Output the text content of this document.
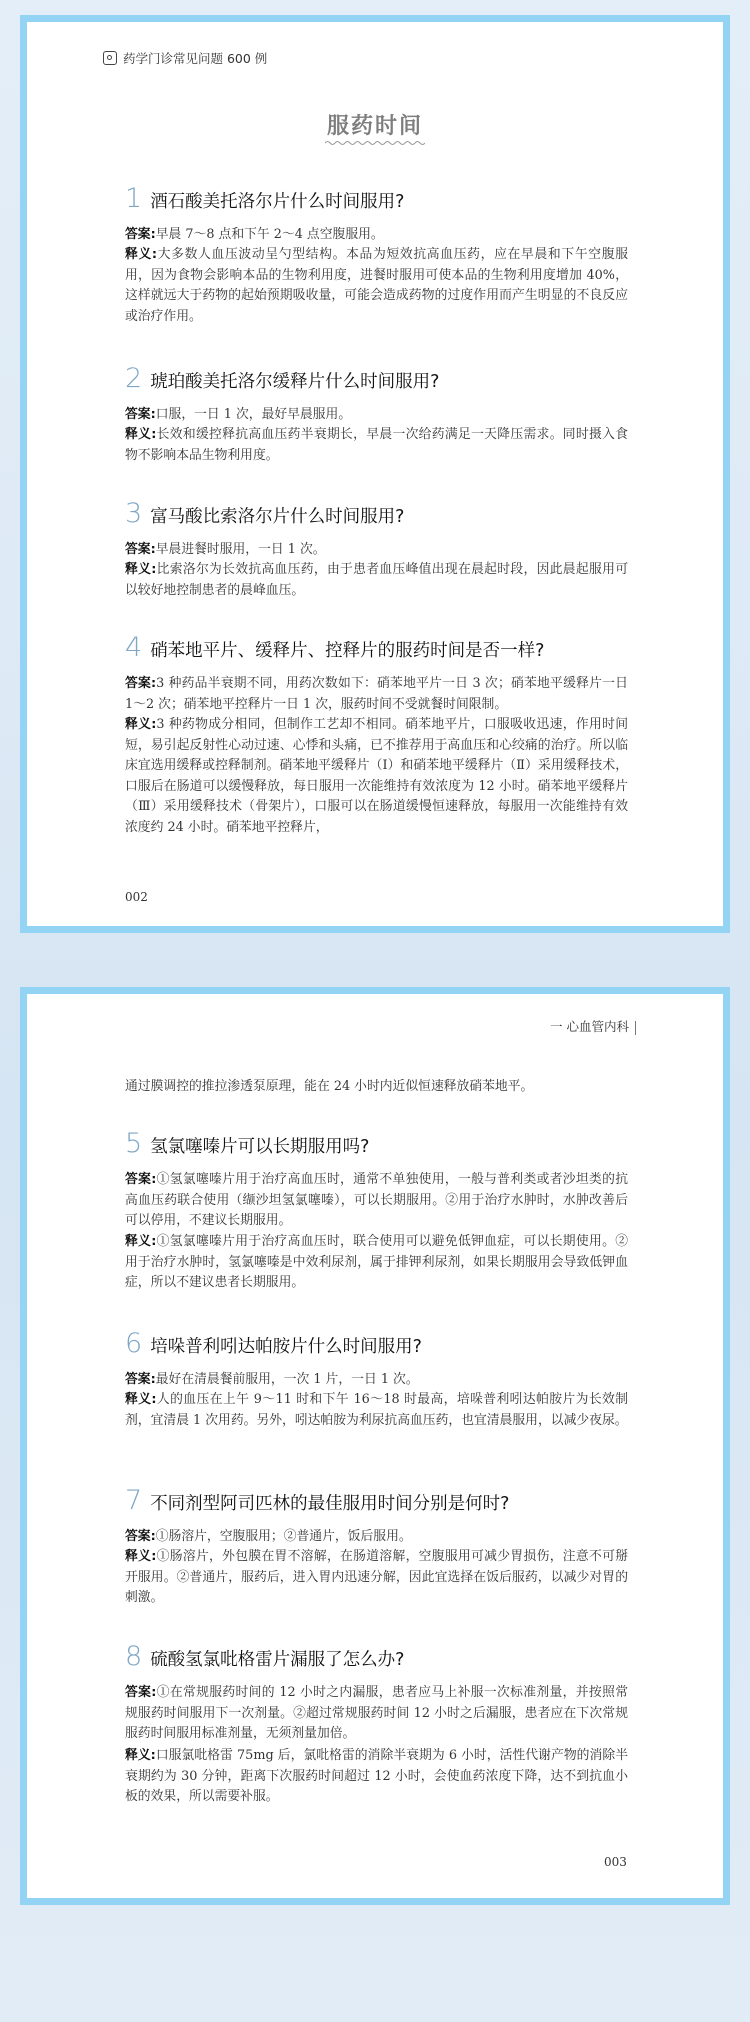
药学门诊常见问题 600 例
服药时间
1 酒石酸美托洛尔片什么时间服用?
答案:早晨 7～8 点和下午 2～4 点空腹服用。
释义:大多数人血压波动呈勺型结构。本品为短效抗高血压药，应在早晨和下午空腹服用，因为食物会影响本品的生物利用度，进餐时服用可使本品的生物利用度增加 40%，这样就远大于药物的起始预期吸收量，可能会造成药物的过度作用而产生明显的不良反应或治疗作用。
2 琥珀酸美托洛尔缓释片什么时间服用?
答案:口服，一日 1 次，最好早晨服用。
释义:长效和缓控释抗高血压药半衰期长，早晨一次给药满足一天降压需求。同时摄入食物不影响本品生物利用度。
3 富马酸比索洛尔片什么时间服用?
答案:早晨进餐时服用，一日 1 次。
释义:比索洛尔为长效抗高血压药，由于患者血压峰值出现在晨起时段，因此晨起服用可以较好地控制患者的晨峰血压。
4 硝苯地平片、缓释片、控释片的服药时间是否一样?
答案:3 种药品半衰期不同，用药次数如下：硝苯地平片一日 3 次；硝苯地平缓释片一日 1～2 次；硝苯地平控释片一日 1 次，服药时间不受就餐时间限制。
释义:3 种药物成分相同，但制作工艺却不相同。硝苯地平片，口服吸收迅速，作用时间短，易引起反射性心动过速、心悸和头痛，已不推荐用于高血压和心绞痛的治疗。所以临床宜选用缓释或控释制剂。硝苯地平缓释片（Ⅰ）和硝苯地平缓释片（Ⅱ）采用缓释技术，口服后在肠道可以缓慢释放，每日服用一次能维持有效浓度为 12 小时。硝苯地平缓释片（Ⅲ）采用缓释技术（骨架片），口服可以在肠道缓慢恒速释放，每服用一次能维持有效浓度约 24 小时。硝苯地平控释片，
002
一 心血管内科
通过膜调控的推拉渗透泵原理，能在 24 小时内近似恒速释放硝苯地平。
5 氢氯噻嗪片可以长期服用吗?
答案:①氢氯噻嗪片用于治疗高血压时，通常不单独使用，一般与普利类或者沙坦类的抗高血压药联合使用（缬沙坦氢氯噻嗪），可以长期服用。②用于治疗水肿时，水肿改善后可以停用，不建议长期服用。
释义:①氢氯噻嗪片用于治疗高血压时，联合使用可以避免低钾血症，可以长期使用。②用于治疗水肿时，氢氯噻嗪是中效利尿剂，属于排钾利尿剂，如果长期服用会导致低钾血症，所以不建议患者长期服用。
6 培哚普利吲达帕胺片什么时间服用?
答案:最好在清晨餐前服用，一次 1 片，一日 1 次。
释义:人的血压在上午 9～11 时和下午 16～18 时最高，培哚普利吲达帕胺片为长效制剂，宜清晨 1 次用药。另外，吲达帕胺为利尿抗高血压药，也宜清晨服用，以减少夜尿。
7 不同剂型阿司匹林的最佳服用时间分别是何时?
答案:①肠溶片，空腹服用；②普通片，饭后服用。
释义:①肠溶片，外包膜在胃不溶解，在肠道溶解，空腹服用可减少胃损伤，注意不可掰开服用。②普通片，服药后，进入胃内迅速分解，因此宜选择在饭后服药，以减少对胃的刺激。
8 硫酸氢氯吡格雷片漏服了怎么办?
答案:①在常规服药时间的 12 小时之内漏服，患者应马上补服一次标准剂量，并按照常规服药时间服用下一次剂量。②超过常规服药时间 12 小时之后漏服，患者应在下次常规服药时间服用标准剂量，无须剂量加倍。
释义:口服氯吡格雷 75mg 后，氯吡格雷的消除半衰期为 6 小时，活性代谢产物的消除半衰期约为 30 分钟，距离下次服药时间超过 12 小时，会使血药浓度下降，达不到抗血小板的效果，所以需要补服。
003
